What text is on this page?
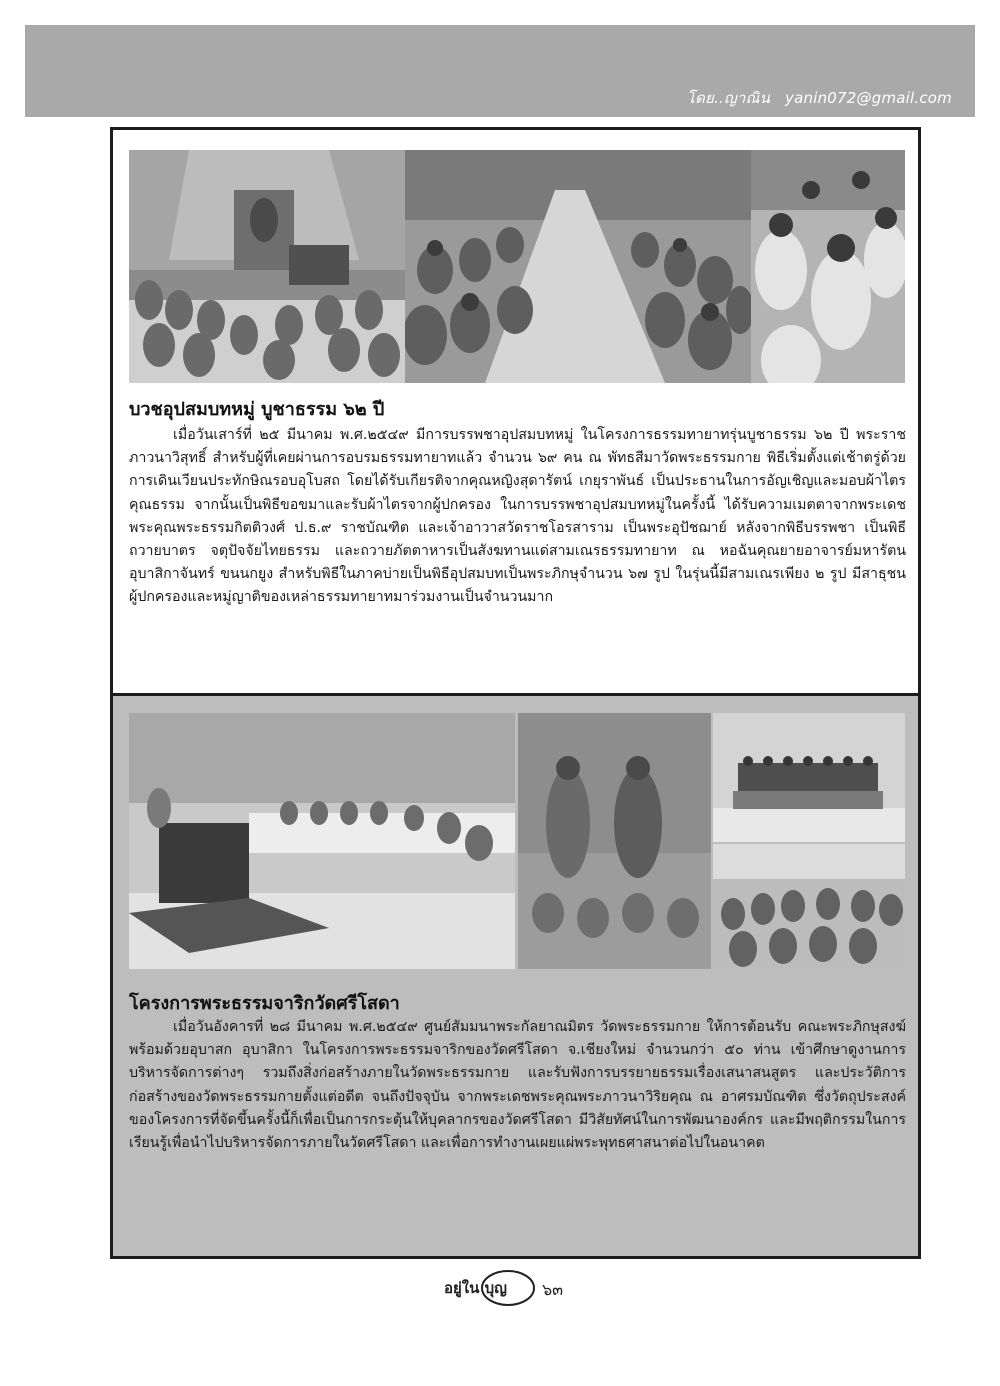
โดย..ญาณิน yanin072@gmail.com
บวชอุปสมบทหมู่ บูชาธรรม ๖๒ ปี

เมื่อวันเสาร์ที่ ๒๕ มีนาคม พ.ศ.๒๕๔๙ มีการบรรพชาอุปสมบทหมู่ ในโครงการธรรมทายาทรุ่นบูชาธรรม ๖๒ ปี พระราชภาวนาวิสุทธิ์ สำหรับผู้ที่เคยผ่านการอบรมธรรมทายาทแล้ว จำนวน ๖๙ คน ณ พัทธสีมาวัดพระธรรมกาย พิธีเริ่มตั้งแต่เช้าตรู่ด้วยการเดินเวียนประทักษิณรอบอุโบสถ โดยได้รับเกียรติจากคุณหญิงสุดารัตน์ เกยุราพันธ์ เป็นประธานในการอัญเชิญและมอบผ้าไตรคุณธรรม จากนั้นเป็นพิธีขอขมาและรับผ้าไตรจากผู้ปกครอง ในการบรรพชาอุปสมบทหมู่ในครั้งนี้ ได้รับความเมตตาจากพระเดชพระคุณพระธรรมกิตติวงศ์ ป.ธ.๙ ราชบัณฑิต และเจ้าอาวาสวัดราชโอรสาราม เป็นพระอุปัชฌาย์ หลังจากพิธีบรรพชา เป็นพิธีถวายบาตร จตุปัจจัยไทยธรรม และถวายภัตตาหารเป็นสังฆทานแด่สามเณรธรรมทายาท ณ หอฉันคุณยายอาจารย์มหารัตนอุบาสิกาจันทร์ ขนนกยูง สำหรับพิธีในภาคบ่ายเป็นพิธีอุปสมบทเป็นพระภิกษุจำนวน ๖๗ รูป ในรุ่นนี้มีสามเณรเพียง ๒ รูป มีสาธุชน ผู้ปกครองและหมู่ญาติของเหล่าธรรมทายาทมาร่วมงานเป็นจำนวนมาก

โครงการพระธรรมจาริกวัดศรีโสดา

เมื่อวันอังคารที่ ๒๘ มีนาคม พ.ศ.๒๕๔๙ ศูนย์สัมมนาพระกัลยาณมิตร วัดพระธรรมกาย ให้การต้อนรับ คณะพระภิกษุสงฆ์ พร้อมด้วยอุบาสก อุบาสิกา ในโครงการพระธรรมจาริกของวัดศรีโสดา จ.เชียงใหม่ จำนวนกว่า ๕๐ ท่าน เข้าศึกษาดูงานการบริหารจัดการต่างๆ รวมถึงสิ่งก่อสร้างภายในวัดพระธรรมกาย และรับฟังการบรรยายธรรมเรื่องเสนาสนสูตร และประวัติการก่อสร้างของวัดพระธรรมกายตั้งแต่อดีต จนถึงปัจจุบัน จากพระเดชพระคุณพระภาวนาวิริยคุณ ณ อาศรมบัณฑิต ซึ่งวัตถุประสงค์ของโครงการที่จัดขึ้นครั้งนี้ก็เพื่อเป็นการกระตุ้นให้บุคลากรของวัดศรีโสดา มีวิสัยทัศน์ในการพัฒนาองค์กร และมีพฤติกรรมในการเรียนรู้เพื่อนำไปบริหารจัดการภายในวัดศรีโสดา และเพื่อการทำงานเผยแผ่พระพุทธศาสนาต่อไปในอนาคต

อยู่ใน บุญ ๖๓
